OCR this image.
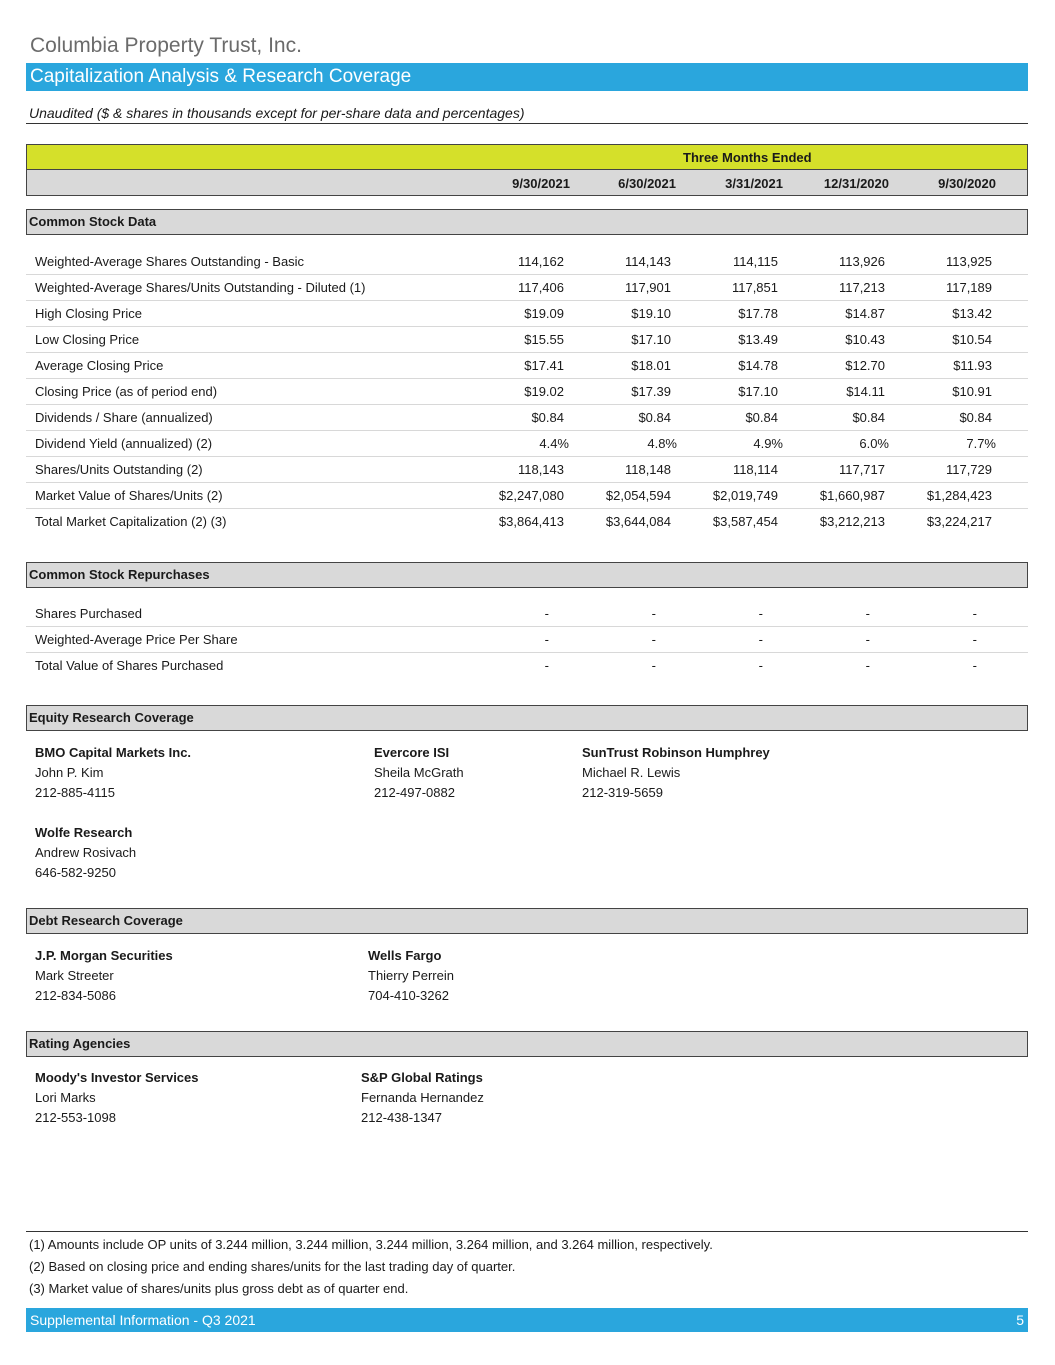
Columbia Property Trust, Inc.
Capitalization Analysis & Research Coverage
Unaudited ($ & shares in thousands except for per-share data and percentages)
Three Months Ended
9/30/2021	6/30/2021	3/31/2021	12/31/2020	9/30/2020
Common Stock Data
Weighted-Average Shares Outstanding - Basic	114,162	114,143	114,115	113,926	113,925
Weighted-Average Shares/Units Outstanding - Diluted (1)	117,406	117,901	117,851	117,213	117,189
High Closing Price	$19.09	$19.10	$17.78	$14.87	$13.42
Low Closing Price	$15.55	$17.10	$13.49	$10.43	$10.54
Average Closing Price	$17.41	$18.01	$14.78	$12.70	$11.93
Closing Price (as of period end)	$19.02	$17.39	$17.10	$14.11	$10.91
Dividends / Share (annualized)	$0.84	$0.84	$0.84	$0.84	$0.84
Dividend Yield (annualized) (2)	4.4%	4.8%	4.9%	6.0%	7.7%
Shares/Units Outstanding (2)	118,143	118,148	118,114	117,717	117,729
Market Value of Shares/Units (2)	$2,247,080	$2,054,594	$2,019,749	$1,660,987	$1,284,423
Total Market Capitalization (2) (3)	$3,864,413	$3,644,084	$3,587,454	$3,212,213	$3,224,217
Common Stock Repurchases
Shares Purchased	-	-	-	-	-
Weighted-Average Price Per Share	-	-	-	-	-
Total Value of Shares Purchased	-	-	-	-	-
Equity Research Coverage
BMO Capital Markets Inc.
John P. Kim
212-885-4115
Evercore ISI
Sheila McGrath
212-497-0882
SunTrust Robinson Humphrey
Michael R. Lewis
212-319-5659
Wolfe Research
Andrew Rosivach
646-582-9250
Debt Research Coverage
J.P. Morgan Securities
Mark Streeter
212-834-5086
Wells Fargo
Thierry Perrein
704-410-3262
Rating Agencies
Moody's Investor Services
Lori Marks
212-553-1098
S&P Global Ratings
Fernanda Hernandez
212-438-1347
(1) Amounts include OP units of 3.244 million, 3.244 million, 3.244 million, 3.264 million, and 3.264 million, respectively.
(2) Based on closing price and ending shares/units for the last trading day of quarter.
(3) Market value of shares/units plus gross debt as of quarter end.
Supplemental Information - Q3 2021	5
